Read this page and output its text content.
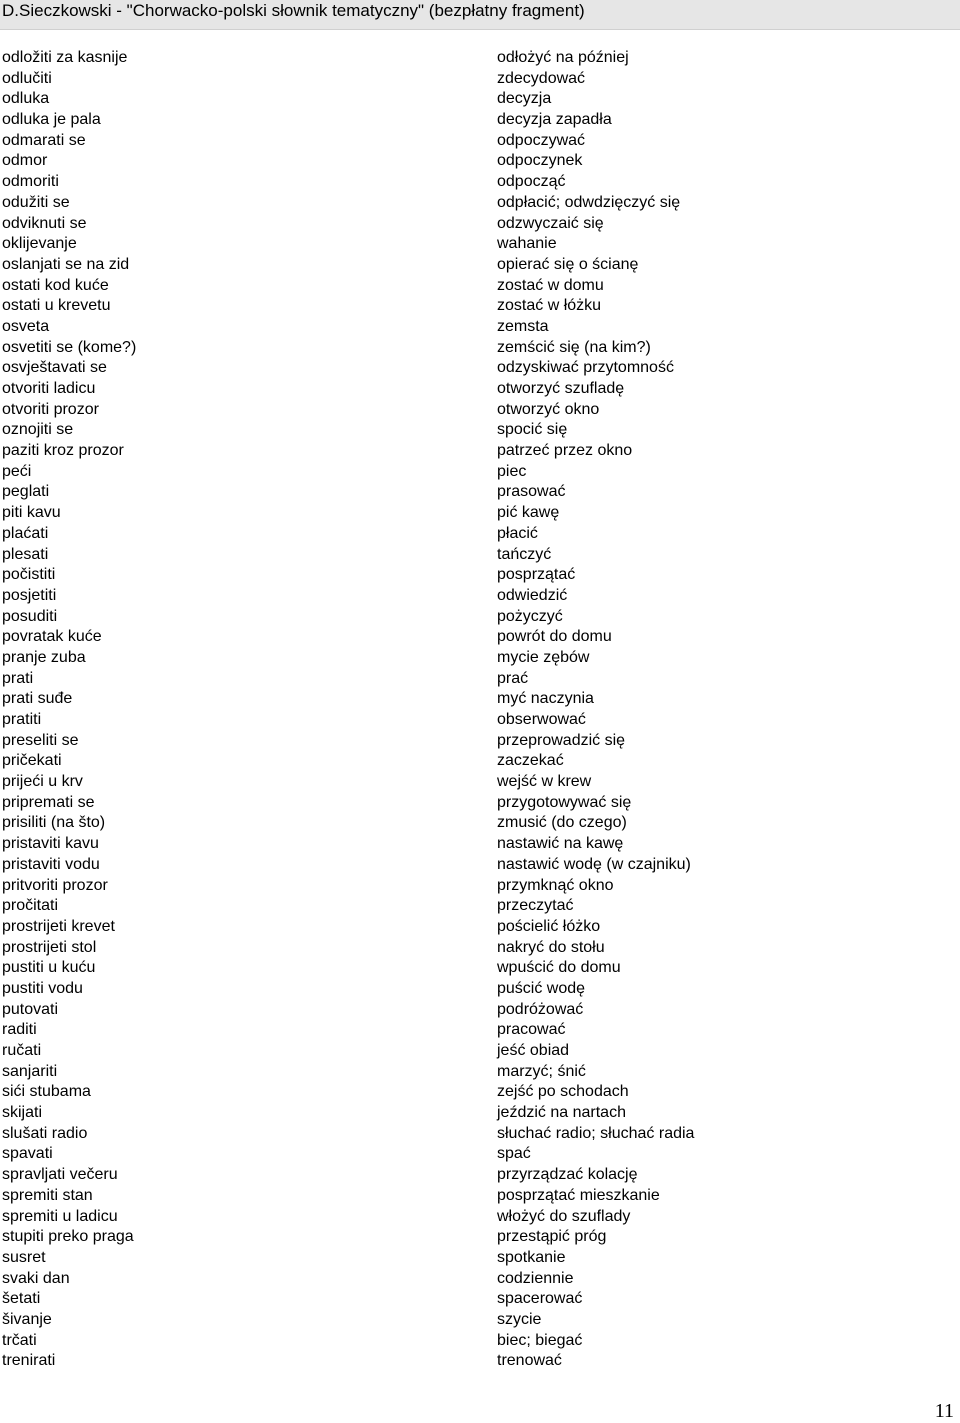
D.Sieczkowski - "Chorwacko-polski słownik tematyczny" (bezpłatny fragment)
odložiti za kasnije
odlučiti
odluka
odluka je pala
odmarati se
odmor
odmoriti
odužiti se
odviknuti se
oklijevanje
oslanjati se na zid
ostati kod kuće
ostati u krevetu
osveta
osvetiti se (kome?)
osvještavati se
otvoriti ladicu
otvoriti prozor
oznojiti se
paziti kroz prozor
peći
peglati
piti kavu
plaćati
plesati
počistiti
posjetiti
posuditi
povratak kuće
pranje zuba
prati
prati suđe
pratiti
preseliti se
pričekati
prijeći u krv
pripremati se
prisiliti (na što)
pristaviti kavu
pristaviti vodu
pritvoriti prozor
pročitati
prostrijeti krevet
prostrijeti stol
pustiti u kuću
pustiti vodu
putovati
raditi
ručati
sanjariti
sići stubama
skijati
slušati radio
spavati
spravljati večeru
spremiti stan
spremiti u ladicu
stupiti preko praga
susret
svaki dan
šetati
šivanje
trčati
trenirati
odłożyć na później
zdecydować
decyzja
decyzja zapadła
odpoczywać
odpoczynek
odpocząć
odpłacić; odwdzięczyć się
odzwyczaić się
wahanie
opierać się o ścianę
zostać w domu
zostać w łóżku
zemsta
zemścić się (na kim?)
odzyskiwać przytomność
otworzyć szufladę
otworzyć okno
spocić się
patrzeć przez okno
piec
prasować
pić kawę
płacić
tańczyć
posprzątać
odwiedzić
pożyczyć
powrót do domu
mycie zębów
prać
myć naczynia
obserwować
przeprowadzić się
zaczekać
wejść w krew
przygotowywać się
zmusić (do czego)
nastawić na kawę
nastawić wodę (w czajniku)
przymknąć okno
przeczytać
pościelić łóżko
nakryć do stołu
wpuścić do domu
puścić wodę
podróżować
pracować
jeść obiad
marzyć; śnić
zejść po schodach
jeździć na nartach
słuchać radio; słuchać radia
spać
przyrządzać kolację
posprzątać mieszkanie
włożyć do szuflady
przestąpić próg
spotkanie
codziennie
spacerować
szycie
biec; biegać
trenować
11
